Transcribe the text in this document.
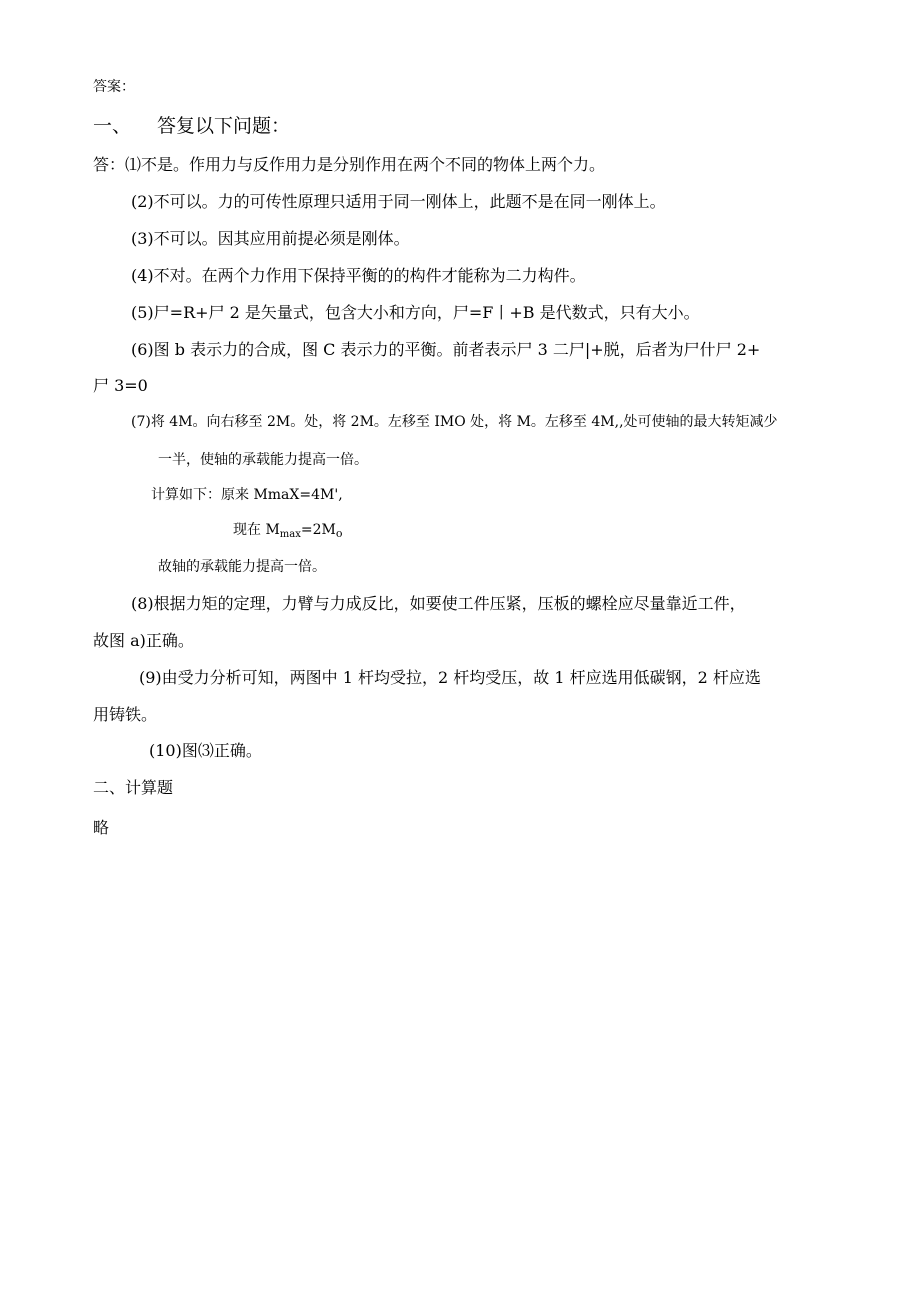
答案：
一、 答复以下问题：
答：⑴不是。作用力与反作用力是分别作用在两个不同的物体上两个力。
(2)不可以。力的可传性原理只适用于同一刚体上，此题不是在同一刚体上。
(3)不可以。因其应用前提必须是刚体。
(4)不对。在两个力作用下保持平衡的的构件才能称为二力构件。
(5)尸=R+尸 2 是矢量式，包含大小和方向，尸=F丨+B 是代数式，只有大小。
(6)图 b 表示力的合成，图 C 表示力的平衡。前者表示尸 3 二尸|+脱，后者为尸什尸 2+
尸 3=0
(7)将 4M。向右移至 2M。处，将 2M。左移至 IMO 处，将 M。左移至 4M,,处可使轴的最大转矩减少
一半，使轴的承载能力提高一倍。
计算如下：原来 MmaX=4M',
现在 $M_{max}=2M_o$
故轴的承载能力提高一倍。
(8)根据力矩的定理，力臂与力成反比，如要使工件压紧，压板的螺栓应尽量靠近工件，
故图 a)正确。
(9)由受力分析可知，两图中 1 杆均受拉，2 杆均受压，故 1 杆应选用低碳钢，2 杆应选
用铸铁。
(10)图⑶正确。
二、计算题
略
